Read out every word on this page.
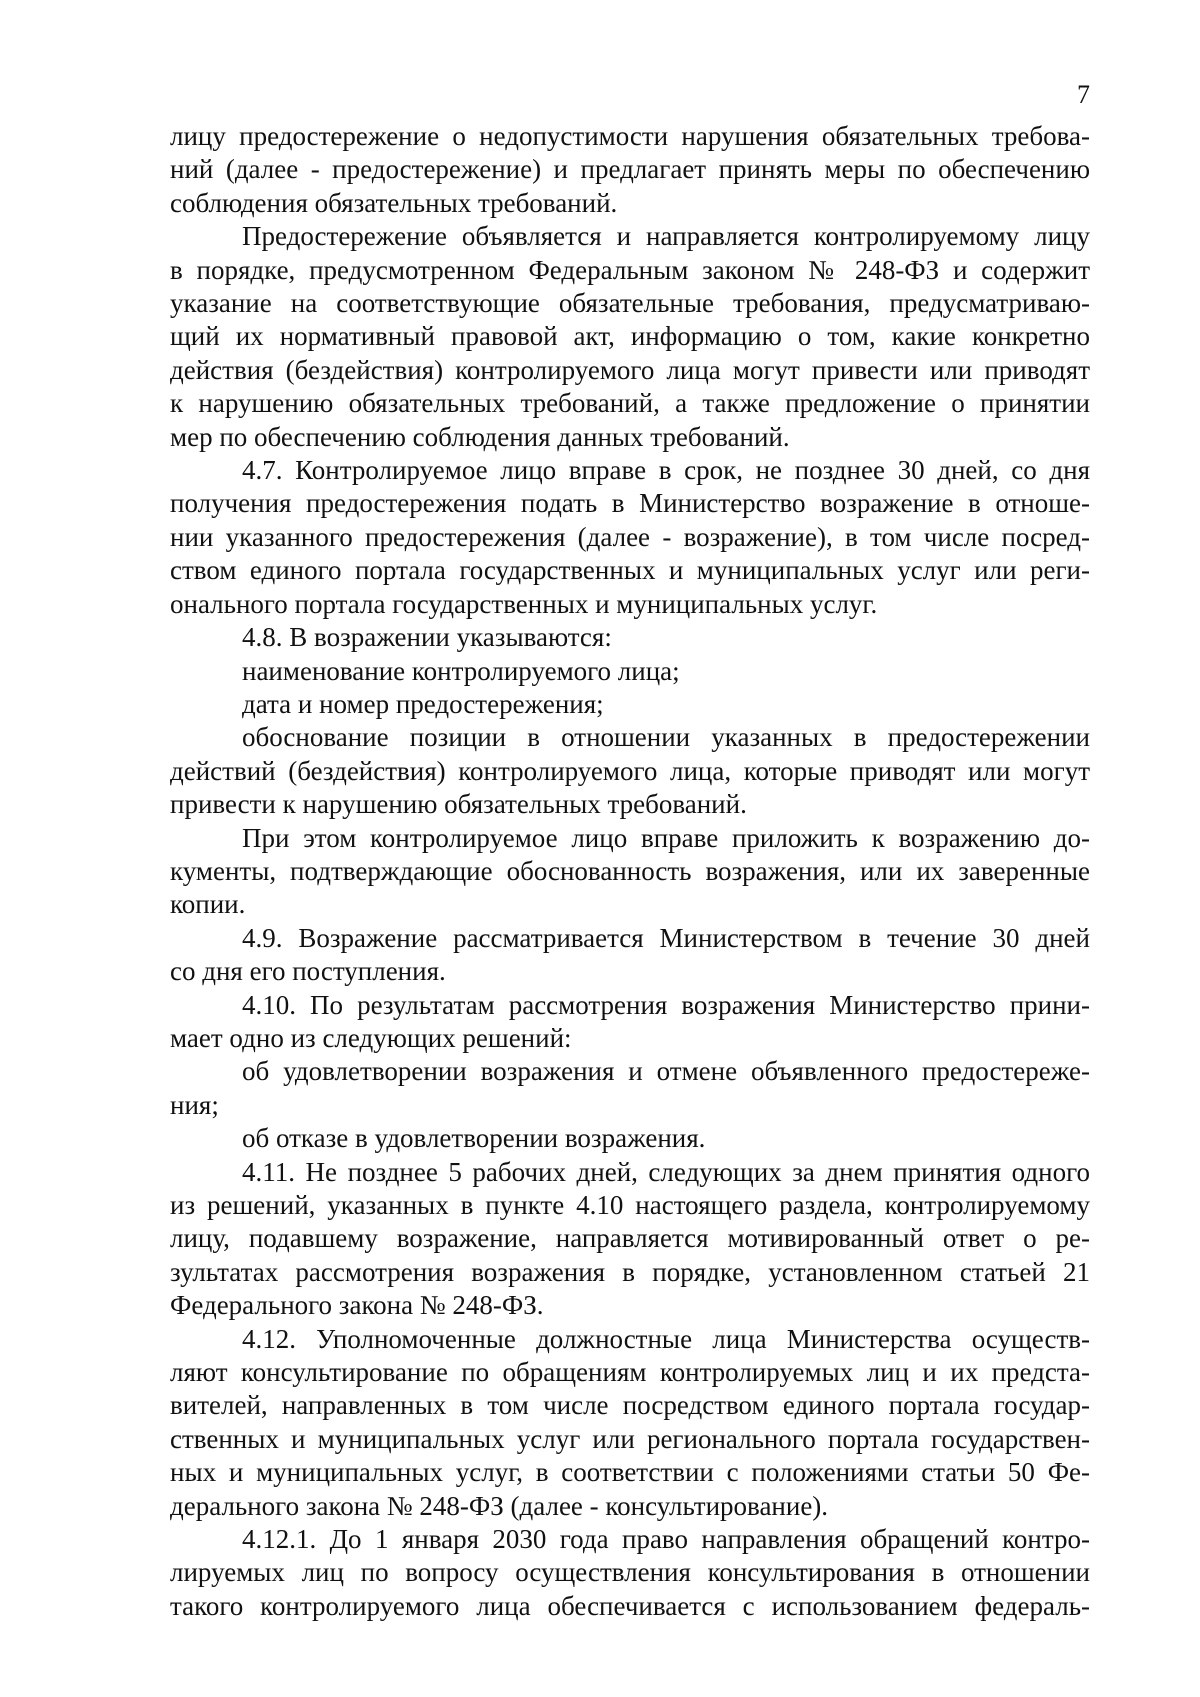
7
лицу предостережение о недопустимости нарушения обязательных требова-
ний (далее - предостережение) и предлагает принять меры по обеспечению
соблюдения обязательных требований.
Предостережение объявляется и направляется контролируемому лицу
в порядке, предусмотренном Федеральным законом № 248-ФЗ и содержит
указание на соответствующие обязательные требования, предусматриваю-
щий их нормативный правовой акт, информацию о том, какие конкретно
действия (бездействия) контролируемого лица могут привести или приводят
к нарушению обязательных требований, а также предложение о принятии
мер по обеспечению соблюдения данных требований.
4.7. Контролируемое лицо вправе в срок, не позднее 30 дней, со дня
получения предостережения подать в Министерство возражение в отноше-
нии указанного предостережения (далее - возражение), в том числе посред-
ством единого портала государственных и муниципальных услуг или реги-
онального портала государственных и муниципальных услуг.
4.8. В возражении указываются:
наименование контролируемого лица;
дата и номер предостережения;
обоснование позиции в отношении указанных в предостережении
действий (бездействия) контролируемого лица, которые приводят или могут
привести к нарушению обязательных требований.
При этом контролируемое лицо вправе приложить к возражению до-
кументы, подтверждающие обоснованность возражения, или их заверенные
копии.
4.9. Возражение рассматривается Министерством в течение 30 дней
со дня его поступления.
4.10. По результатам рассмотрения возражения Министерство прини-
мает одно из следующих решений:
об удовлетворении возражения и отмене объявленного предостереже-
ния;
об отказе в удовлетворении возражения.
4.11. Не позднее 5 рабочих дней, следующих за днем принятия одного
из решений, указанных в пункте 4.10 настоящего раздела, контролируемому
лицу, подавшему возражение, направляется мотивированный ответ о ре-
зультатах рассмотрения возражения в порядке, установленном статьей 21
Федерального закона № 248-ФЗ.
4.12. Уполномоченные должностные лица Министерства осуществ-
ляют консультирование по обращениям контролируемых лиц и их предста-
вителей, направленных в том числе посредством единого портала государ-
ственных и муниципальных услуг или регионального портала государствен-
ных и муниципальных услуг, в соответствии с положениями статьи 50 Фе-
дерального закона № 248-ФЗ (далее - консультирование).
4.12.1. До 1 января 2030 года право направления обращений контро-
лируемых лиц по вопросу осуществления консультирования в отношении
такого контролируемого лица обеспечивается с использованием федераль-
